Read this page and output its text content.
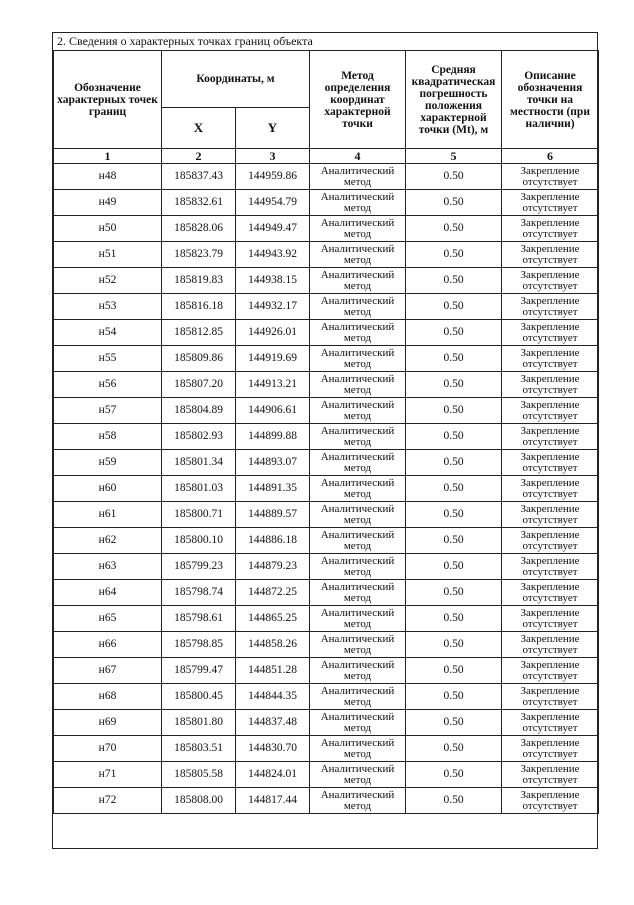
2. Сведения о характерных точках границ объекта
Обозначение характерных точек границ	Координаты, м		Метод определения координат характерной точки	Средняя квадратическая погрешность положения характерной точки (Mt), м	Описание обозначения точки на местности (при наличии)
	X	Y			
1	2	3	4	5	6
н48	185837.43	144959.86	Аналитический метод	0.50	Закрепление отсутствует
н49	185832.61	144954.79	Аналитический метод	0.50	Закрепление отсутствует
н50	185828.06	144949.47	Аналитический метод	0.50	Закрепление отсутствует
н51	185823.79	144943.92	Аналитический метод	0.50	Закрепление отсутствует
н52	185819.83	144938.15	Аналитический метод	0.50	Закрепление отсутствует
н53	185816.18	144932.17	Аналитический метод	0.50	Закрепление отсутствует
н54	185812.85	144926.01	Аналитический метод	0.50	Закрепление отсутствует
н55	185809.86	144919.69	Аналитический метод	0.50	Закрепление отсутствует
н56	185807.20	144913.21	Аналитический метод	0.50	Закрепление отсутствует
н57	185804.89	144906.61	Аналитический метод	0.50	Закрепление отсутствует
н58	185802.93	144899.88	Аналитический метод	0.50	Закрепление отсутствует
н59	185801.34	144893.07	Аналитический метод	0.50	Закрепление отсутствует
н60	185801.03	144891.35	Аналитический метод	0.50	Закрепление отсутствует
н61	185800.71	144889.57	Аналитический метод	0.50	Закрепление отсутствует
н62	185800.10	144886.18	Аналитический метод	0.50	Закрепление отсутствует
н63	185799.23	144879.23	Аналитический метод	0.50	Закрепление отсутствует
н64	185798.74	144872.25	Аналитический метод	0.50	Закрепление отсутствует
н65	185798.61	144865.25	Аналитический метод	0.50	Закрепление отсутствует
н66	185798.85	144858.26	Аналитический метод	0.50	Закрепление отсутствует
н67	185799.47	144851.28	Аналитический метод	0.50	Закрепление отсутствует
н68	185800.45	144844.35	Аналитический метод	0.50	Закрепление отсутствует
н69	185801.80	144837.48	Аналитический метод	0.50	Закрепление отсутствует
н70	185803.51	144830.70	Аналитический метод	0.50	Закрепление отсутствует
н71	185805.58	144824.01	Аналитический метод	0.50	Закрепление отсутствует
н72	185808.00	144817.44	Аналитический метод	0.50	Закрепление отсутствует
